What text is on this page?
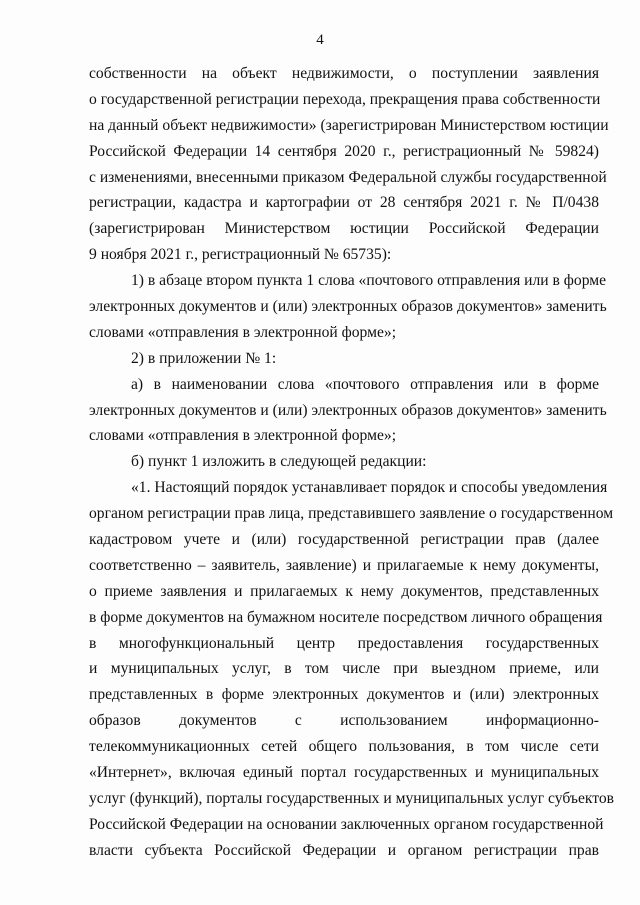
4
собственности на объект недвижимости, о поступлении заявления
о государственной регистрации перехода, прекращения права собственности
на данный объект недвижимости» (зарегистрирован Министерством юстиции
Российской Федерации 14 сентября 2020 г., регистрационный № 59824)
с изменениями, внесенными приказом Федеральной службы государственной
регистрации, кадастра и картографии от 28 сентября 2021 г. № П/0438
(зарегистрирован Министерством юстиции Российской Федерации
9 ноября 2021 г., регистрационный № 65735):
1) в абзаце втором пункта 1 слова «почтового отправления или в форме
электронных документов и (или) электронных образов документов» заменить
словами «отправления в электронной форме»;
2) в приложении № 1:
а) в наименовании слова «почтового отправления или в форме
электронных документов и (или) электронных образов документов» заменить
словами «отправления в электронной форме»;
б) пункт 1 изложить в следующей редакции:
«1. Настоящий порядок устанавливает порядок и способы уведомления
органом регистрации прав лица, представившего заявление о государственном
кадастровом учете и (или) государственной регистрации прав (далее
соответственно – заявитель, заявление) и прилагаемые к нему документы,
о приеме заявления и прилагаемых к нему документов, представленных
в форме документов на бумажном носителе посредством личного обращения
в многофункциональный центр предоставления государственных
и муниципальных услуг, в том числе при выездном приеме, или
представленных в форме электронных документов и (или) электронных
образов документов с использованием информационно-
телекоммуникационных сетей общего пользования, в том числе сети
«Интернет», включая единый портал государственных и муниципальных
услуг (функций), порталы государственных и муниципальных услуг субъектов
Российской Федерации на основании заключенных органом государственной
власти субъекта Российской Федерации и органом регистрации прав
